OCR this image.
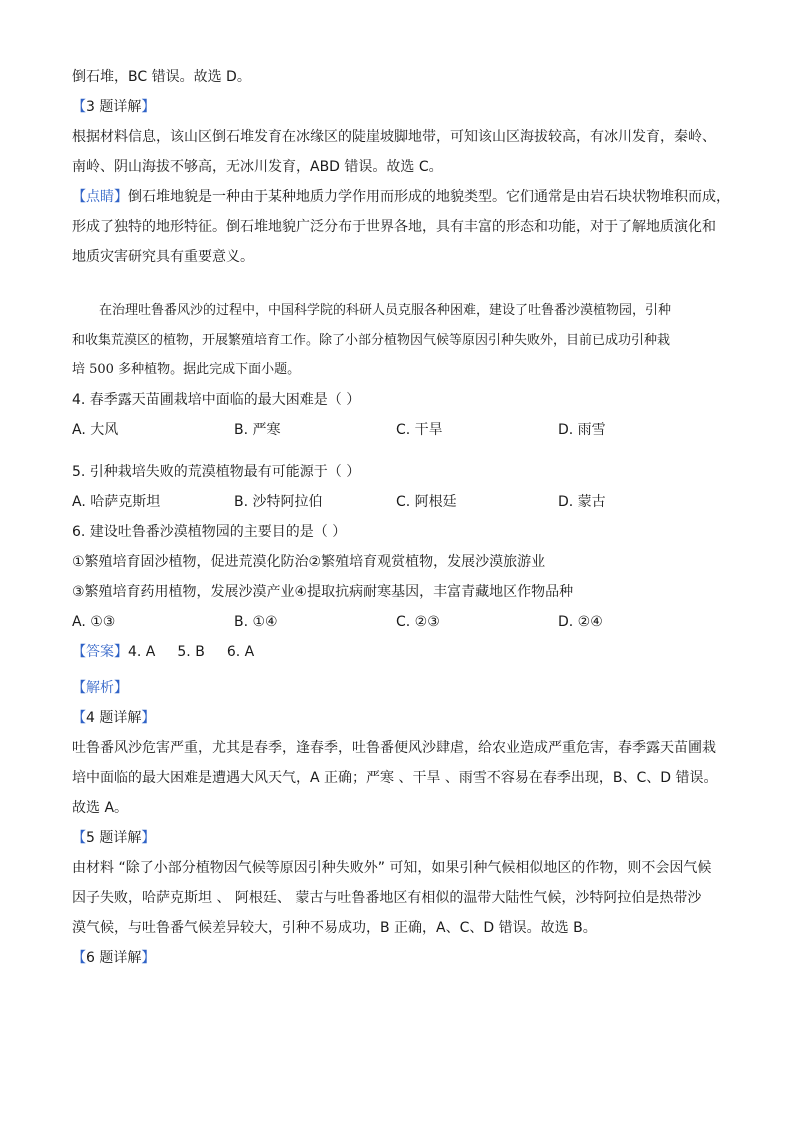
倒石堆，BC 错误。故选 D。
【3 题详解】
根据材料信息，该山区倒石堆发育在冰缘区的陡崖坡脚地带，可知该山区海拔较高，有冰川发育，秦岭、
南岭、阴山海拔不够高，无冰川发育，ABD 错误。故选 C。
【点睛】倒石堆地貌是一种由于某种地质力学作用而形成的地貌类型。它们通常是由岩石块状物堆积而成，
形成了独特的地形特征。倒石堆地貌广泛分布于世界各地，具有丰富的形态和功能，对于了解地质演化和
地质灾害研究具有重要意义。
在治理吐鲁番风沙的过程中，中国科学院的科研人员克服各种困难，建设了吐鲁番沙漠植物园，引种
和收集荒漠区的植物，开展繁殖培育工作。除了小部分植物因气候等原因引种失败外，目前已成功引种栽
培 500 多种植物。据此完成下面小题。
4. 春季露天苗圃栽培中面临的最大困难是（ ）
A. 大风	B. 严寒	C. 干旱	D. 雨雪
5. 引种栽培失败的荒漠植物最有可能源于（ ）
A. 哈萨克斯坦	B. 沙特阿拉伯	C. 阿根廷	D. 蒙古
6. 建设吐鲁番沙漠植物园的主要目的是（ ）
①繁殖培育固沙植物，促进荒漠化防治②繁殖培育观赏植物，发展沙漠旅游业
③繁殖培育药用植物，发展沙漠产业④提取抗病耐寒基因，丰富青藏地区作物品种
A. ①③	B. ①④	C. ②③	D. ②④
【答案】4. A 5. B 6. A
【解析】
【4 题详解】
吐鲁番风沙危害严重，尤其是春季，逢春季，吐鲁番便风沙肆虐，给农业造成严重危害，春季露天苗圃栽
培中面临的最大困难是遭遇大风天气，A 正确；严寒 、干旱 、雨雪不容易在春季出现，B、C、D 错误。
故选 A。
【5 题详解】
由材料 “除了小部分植物因气候等原因引种失败外” 可知，如果引种气候相似地区的作物，则不会因气候
因子失败，哈萨克斯坦 、 阿根廷、 蒙古与吐鲁番地区有相似的温带大陆性气候，沙特阿拉伯是热带沙
漠气候，与吐鲁番气候差异较大，引种不易成功，B 正确，A、C、D 错误。故选 B。
【6 题详解】
